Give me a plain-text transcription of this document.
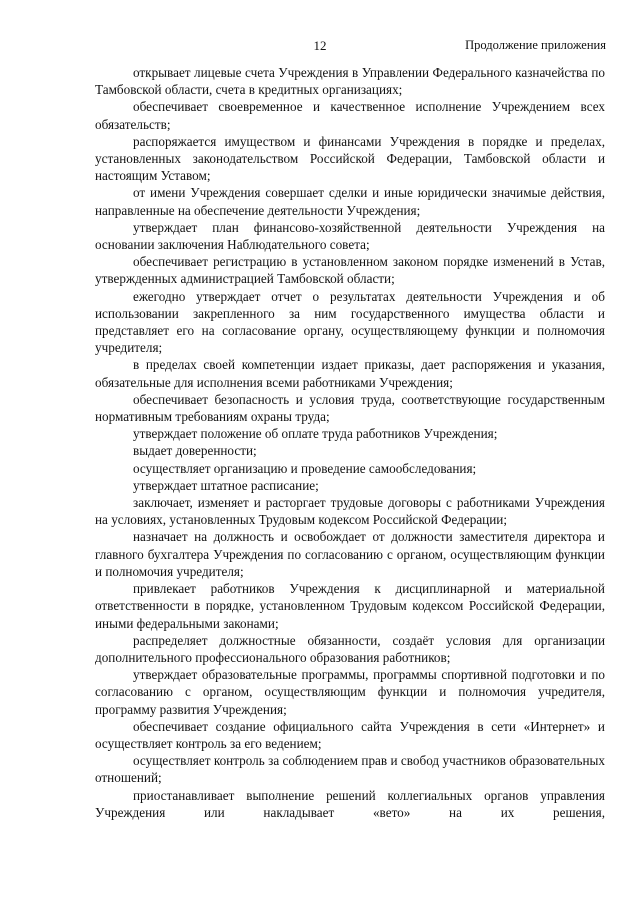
12	Продолжение приложения

открывает лицевые счета Учреждения в Управлении Федерального казначейства по Тамбовской области, счета в кредитных организациях;

обеспечивает своевременное и качественное исполнение Учреждением всех обязательств;

распоряжается имуществом и финансами Учреждения в порядке и пределах, установленных законодательством Российской Федерации, Тамбовской области и настоящим Уставом;

от имени Учреждения совершает сделки и иные юридически значимые действия, направленные на обеспечение деятельности Учреждения;

утверждает план финансово-хозяйственной деятельности Учреждения на основании заключения Наблюдательного совета;

обеспечивает регистрацию в установленном законом порядке изменений в Устав, утвержденных администрацией Тамбовской области;

ежегодно утверждает отчет о результатах деятельности Учреждения и об использовании закрепленного за ним государственного имущества области и представляет его на согласование органу, осуществляющему функции и полномочия учредителя;

в пределах своей компетенции издает приказы, дает распоряжения и указания, обязательные для исполнения всеми работниками Учреждения;

обеспечивает безопасность и условия труда, соответствующие государственным нормативным требованиям охраны труда;

утверждает положение об оплате труда работников Учреждения;

выдает доверенности;

осуществляет организацию и проведение самообследования;

утверждает штатное расписание;

заключает, изменяет и расторгает трудовые договоры с работниками Учреждения на условиях, установленных Трудовым кодексом Российской Федерации;

назначает на должность и освобождает от должности заместителя директора и главного бухгалтера Учреждения по согласованию с органом, осуществляющим функции и полномочия учредителя;

привлекает работников Учреждения к дисциплинарной и материальной ответственности в порядке, установленном Трудовым кодексом Российской Федерации, иными федеральными законами;

распределяет должностные обязанности, создаёт условия для организации дополнительного профессионального образования работников;

утверждает образовательные программы, программы спортивной подготовки и по согласованию с органом, осуществляющим функции и полномочия учредителя, программу развития Учреждения;

обеспечивает создание официального сайта Учреждения в сети «Интернет» и осуществляет контроль за его ведением;

осуществляет контроль за соблюдением прав и свобод участников образовательных отношений;

приостанавливает выполнение решений коллегиальных органов управления Учреждения или накладывает «вето» на их решения,
